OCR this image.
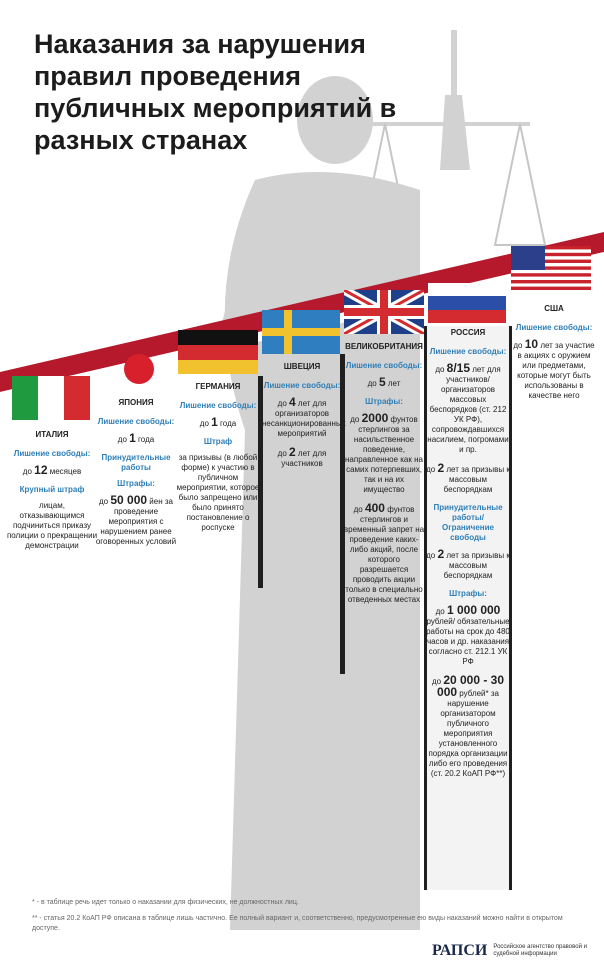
Наказания за нарушения правил проведения публичных мероприятий в разных странах
ИТАЛИЯ
Лишение свободы:
до 12 месяцев
Крупный штраф
лицам, отказывающимся подчиниться приказу полиции о прекращении демонстрации
ЯПОНИЯ
Лишение свободы:
до 1 года
Принудительные работы
Штрафы:
до 50 000 йен за проведение мероприятия с нарушением ранее оговоренных условий
ГЕРМАНИЯ
Лишение свободы:
до 1 года
Штраф
за призывы (в любой форме) к участию в публичном мероприятии, которое было запрещено или было принято постановление о роспуске
ШВЕЦИЯ
Лишение свободы:
до 4 лет для организаторов несанкционированных мероприятий
до 2 лет для участников
ВЕЛИКОБРИТАНИЯ
Лишение свободы:
до 5 лет
Штрафы:
до 2000 фунтов стерлингов за насильственное поведение, направленное как на самих потерпевших, так и на их имущество
до 400 фунтов стерлингов и временный запрет на проведение каких-либо акций, после которого разрешается проводить акции только в специально отведенных местах
РОССИЯ
Лишение свободы:
до 8/15 лет для участников/организаторов массовых беспорядков (ст. 212 УК РФ), сопровождавшихся насилием, погромами и пр.
до 2 лет за призывы к массовым беспорядкам
Принудительные работы/ Ограничение свободы
до 2 лет за призывы к массовым беспорядкам
Штрафы:
до 1 000 000 рублей/ обязательные работы на срок до 480 часов и др. наказания согласно ст. 212.1 УК РФ
до 20 000 - 30 000 рублей* за нарушение организатором публичного мероприятия установленного порядка организации либо его проведения (ст. 20.2 КоАП РФ**)
США
Лишение свободы:
до 10 лет за участие в акциях с оружием или предметами, которые могут быть использованы в качестве него
* - в таблице речь идет только о наказании для физических, не должностных лиц.
** - статья 20.2 КоАП РФ описана в таблице лишь частично. Ее полный вариант и, соответственно, предусмотренные ею виды наказаний можно найти в открытом доступе.
РАПСИ Российское агентство правовой и судебной информации
